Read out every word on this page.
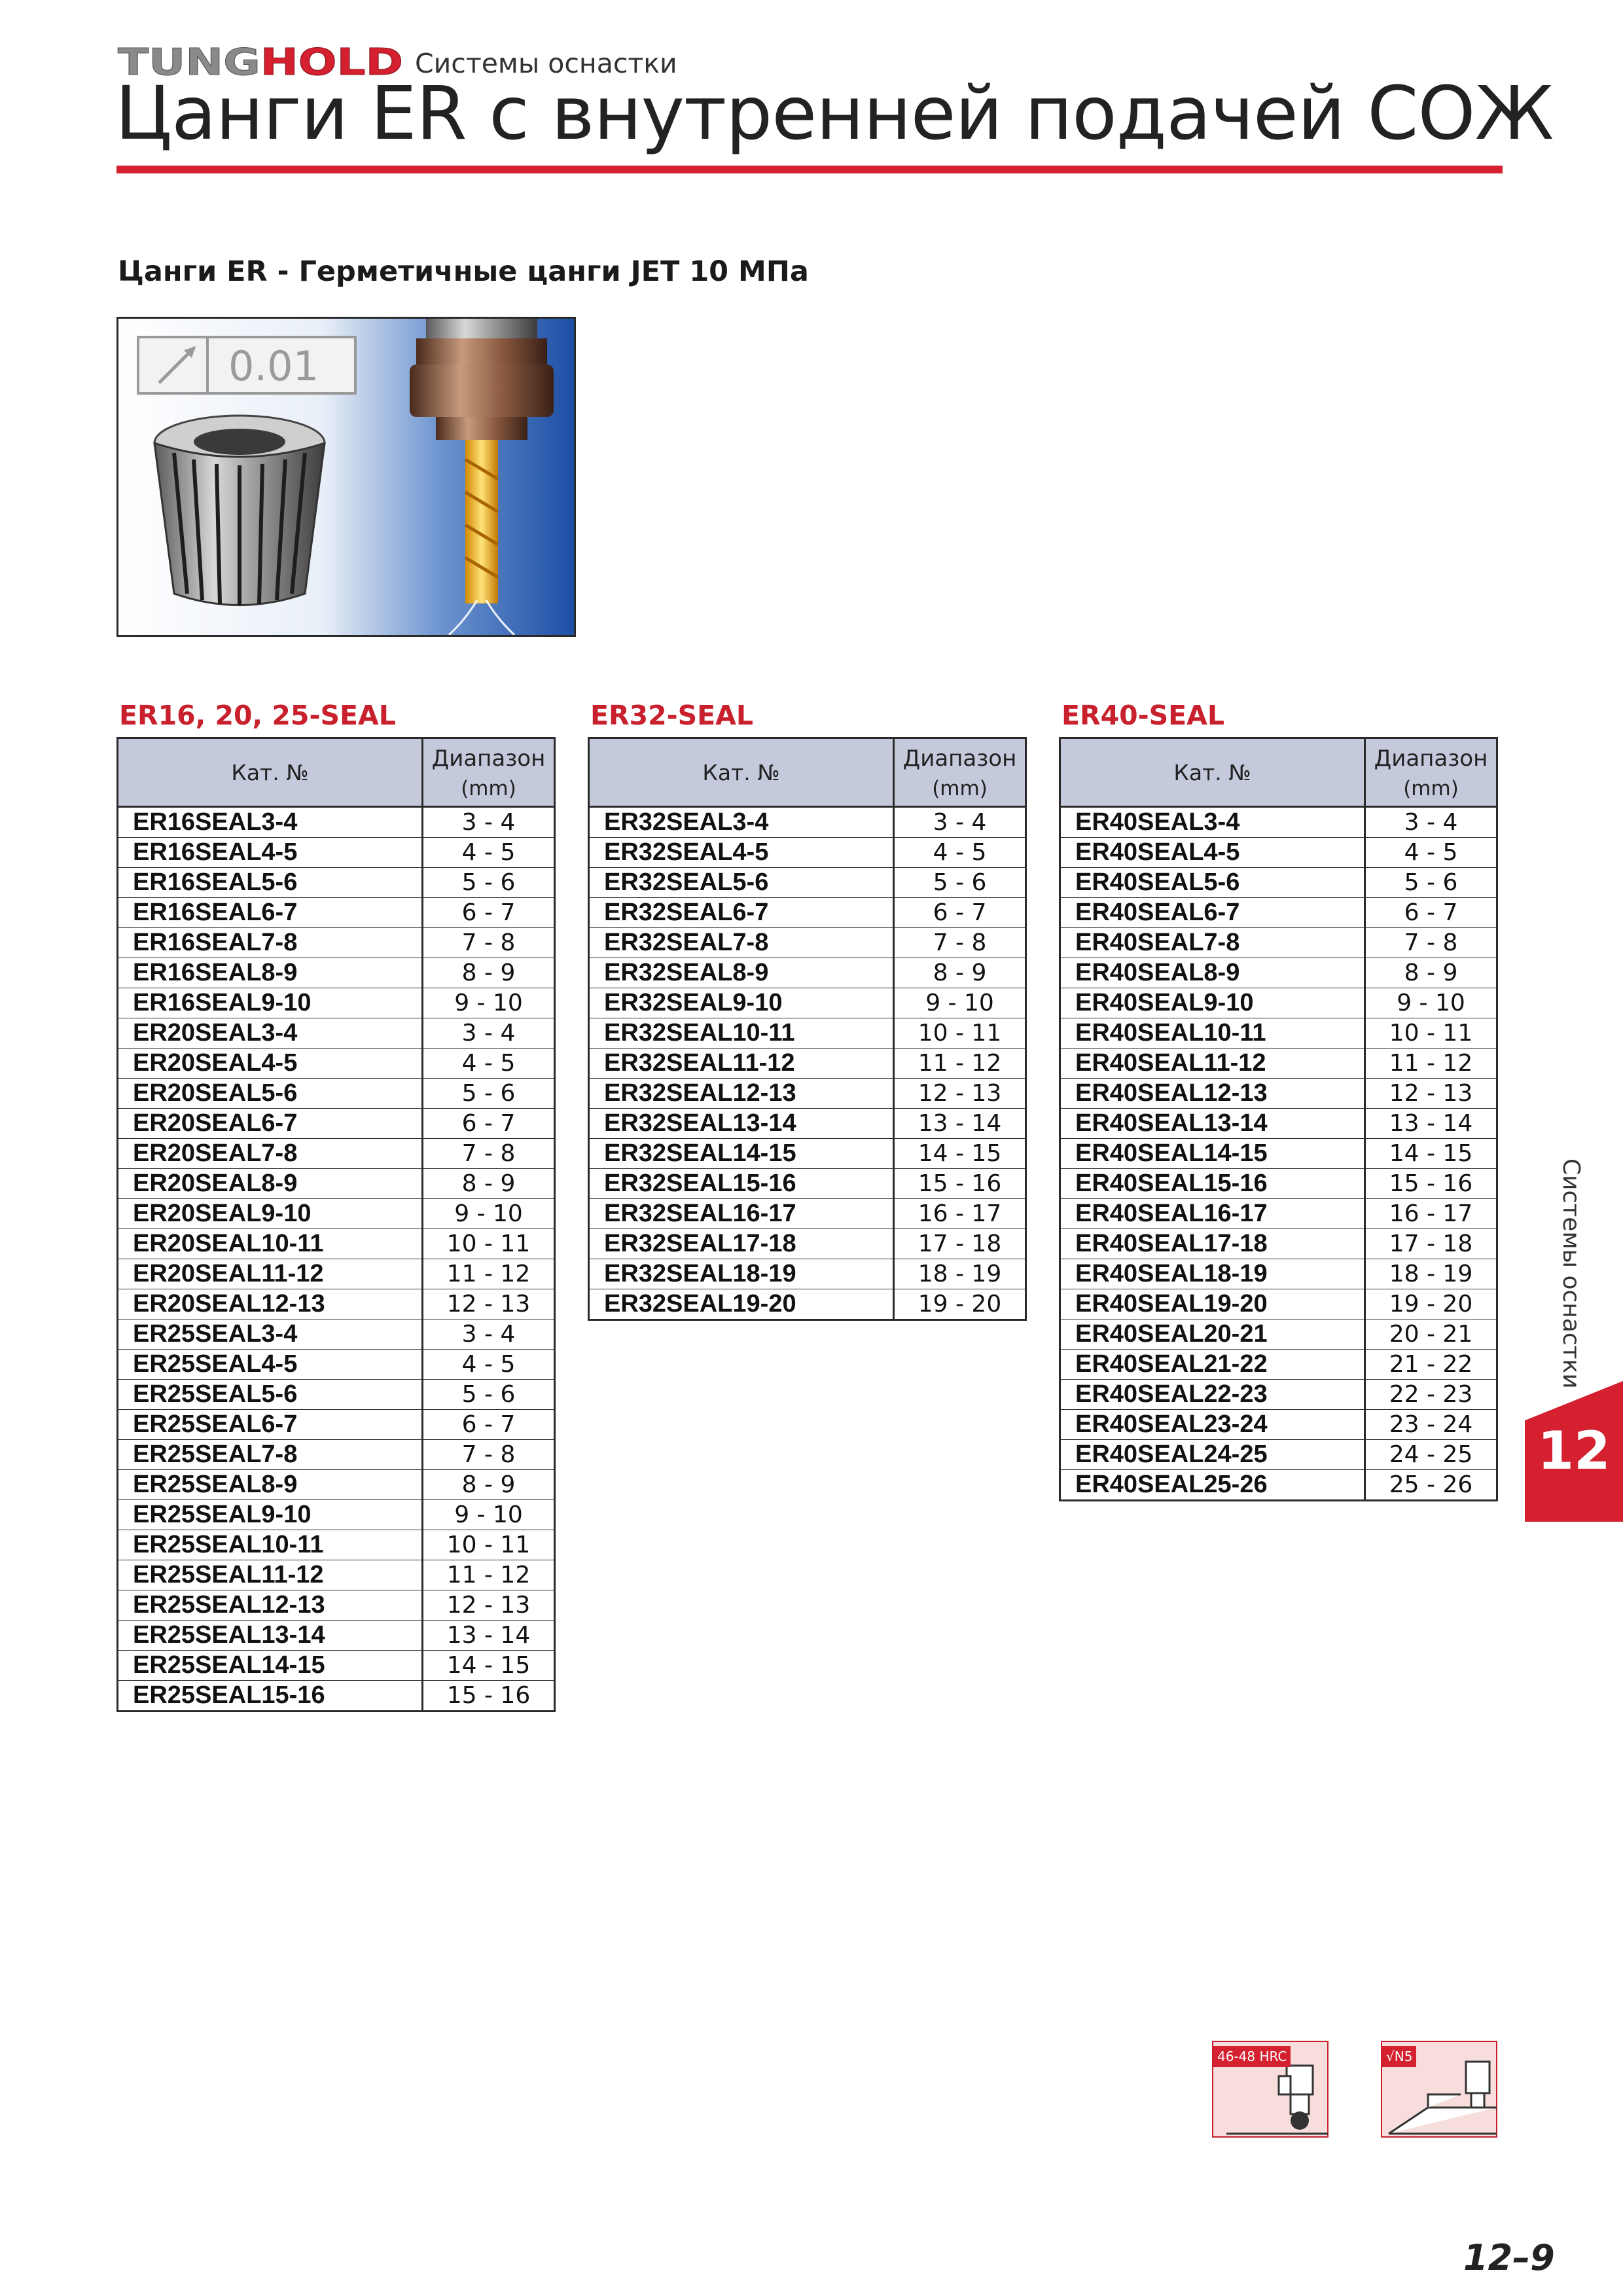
TUNG HOLD	Системы оснастки
Цанги ER с внутренней подачей СОЖ
Цанги ER - Герметичные цанги JET 10 МПа
0.01
ER16, 20, 25-SEAL
Кат. №	Диапазон
(mm)

ER16SEAL3-4	3 - 4
ER16SEAL4-5	4 - 5
ER16SEAL5-6	5 - 6
ER16SEAL6-7	6 - 7
ER16SEAL7-8	7 - 8
ER16SEAL8-9	8 - 9
ER16SEAL9-10	9 - 10
ER20SEAL3-4	3 - 4
ER20SEAL4-5	4 - 5
ER20SEAL5-6	5 - 6
ER20SEAL6-7	6 - 7
ER20SEAL7-8	7 - 8
ER20SEAL8-9	8 - 9
ER20SEAL9-10	9 - 10
ER20SEAL10-11	10 - 11
ER20SEAL11-12	11 - 12
ER20SEAL12-13	12 - 13
ER25SEAL3-4	3 - 4
ER25SEAL4-5	4 - 5
ER25SEAL5-6	5 - 6
ER25SEAL6-7	6 - 7
ER25SEAL7-8	7 - 8
ER25SEAL8-9	8 - 9
ER25SEAL9-10	9 - 10
ER25SEAL10-11	10 - 11
ER25SEAL11-12	11 - 12
ER25SEAL12-13	12 - 13
ER25SEAL13-14	13 - 14
ER25SEAL14-15	14 - 15
ER25SEAL15-16	15 - 16
ER32-SEAL
Кат. №	Диапазон
(mm)

ER32SEAL3-4	3 - 4
ER32SEAL4-5	4 - 5
ER32SEAL5-6	5 - 6
ER32SEAL6-7	6 - 7
ER32SEAL7-8	7 - 8
ER32SEAL8-9	8 - 9
ER32SEAL9-10	9 - 10
ER32SEAL10-11	10 - 11
ER32SEAL11-12	11 - 12
ER32SEAL12-13	12 - 13
ER32SEAL13-14	13 - 14
ER32SEAL14-15	14 - 15
ER32SEAL15-16	15 - 16
ER32SEAL16-17	16 - 17
ER32SEAL17-18	17 - 18
ER32SEAL18-19	18 - 19
ER32SEAL19-20	19 - 20
ER40-SEAL
Кат. №	Диапазон
(mm)

ER40SEAL3-4	3 - 4
ER40SEAL4-5	4 - 5
ER40SEAL5-6	5 - 6
ER40SEAL6-7	6 - 7
ER40SEAL7-8	7 - 8
ER40SEAL8-9	8 - 9
ER40SEAL9-10	9 - 10
ER40SEAL10-11	10 - 11
ER40SEAL11-12	11 - 12
ER40SEAL12-13	12 - 13
ER40SEAL13-14	13 - 14
ER40SEAL14-15	14 - 15
ER40SEAL15-16	15 - 16
ER40SEAL16-17	16 - 17
ER40SEAL17-18	17 - 18
ER40SEAL18-19	18 - 19
ER40SEAL19-20	19 - 20
ER40SEAL20-21	20 - 21
ER40SEAL21-22	21 - 22
ER40SEAL22-23	22 - 23
ER40SEAL23-24	23 - 24
ER40SEAL24-25	24 - 25
ER40SEAL25-26	25 - 26
Системы оснастки
12
46-48 HRC	√N5
12–9
